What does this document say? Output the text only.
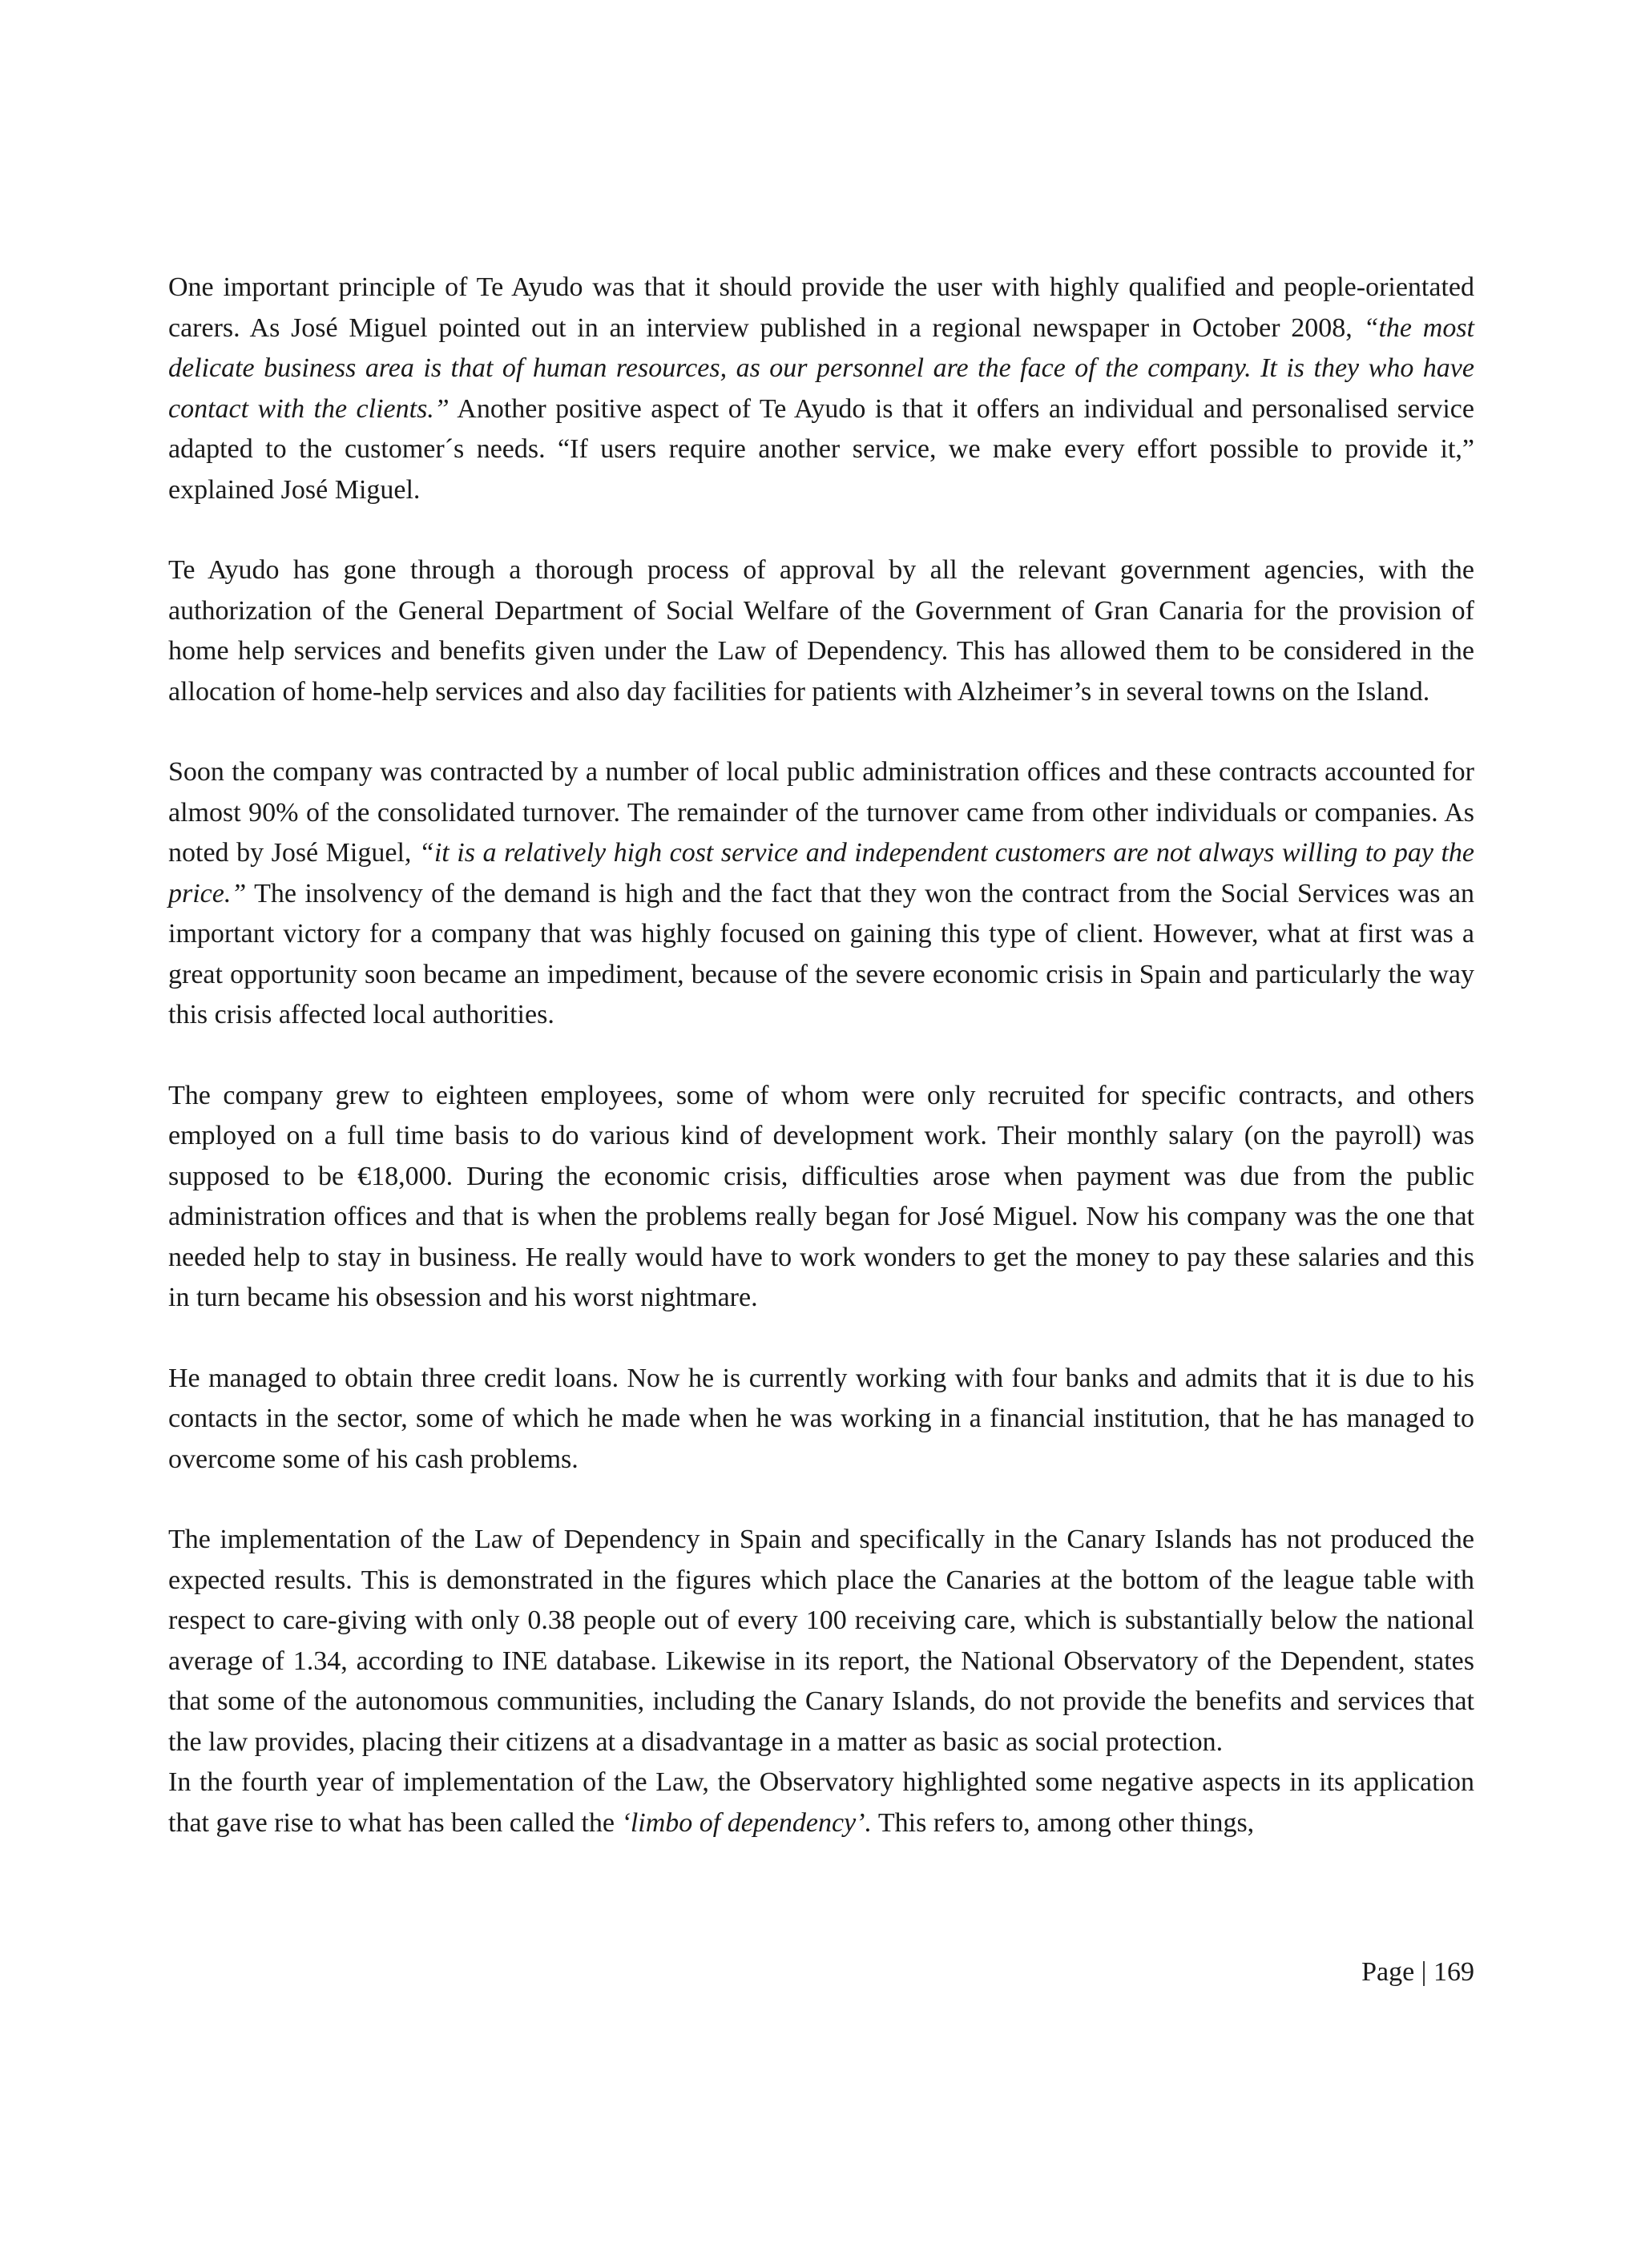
One important principle of Te Ayudo was that it should provide the user with highly qualified and people-orientated carers. As José Miguel pointed out in an interview published in a regional newspaper in October 2008, “the most delicate business area is that of human resources, as our personnel are the face of the company. It is they who have contact with the clients.” Another positive aspect of Te Ayudo is that it offers an individual and personalised service adapted to the customer´s needs. “If users require another service, we make every effort possible to provide it,” explained José Miguel.

Te Ayudo has gone through a thorough process of approval by all the relevant government agencies, with the authorization of the General Department of Social Welfare of the Government of Gran Canaria for the provision of home help services and benefits given under the Law of Dependency. This has allowed them to be considered in the allocation of home-help services and also day facilities for patients with Alzheimer’s in several towns on the Island.

Soon the company was contracted by a number of local public administration offices and these contracts accounted for almost 90% of the consolidated turnover. The remainder of the turnover came from other individuals or companies. As noted by José Miguel, “it is a relatively high cost service and independent customers are not always willing to pay the price.” The insolvency of the demand is high and the fact that they won the contract from the Social Services was an important victory for a company that was highly focused on gaining this type of client. However, what at first was a great opportunity soon became an impediment, because of the severe economic crisis in Spain and particularly the way this crisis affected local authorities.

The company grew to eighteen employees, some of whom were only recruited for specific contracts, and others employed on a full time basis to do various kind of development work. Their monthly salary (on the payroll) was supposed to be €18,000. During the economic crisis, difficulties arose when payment was due from the public administration offices and that is when the problems really began for José Miguel. Now his company was the one that needed help to stay in business. He really would have to work wonders to get the money to pay these salaries and this in turn became his obsession and his worst nightmare.

He managed to obtain three credit loans. Now he is currently working with four banks and admits that it is due to his contacts in the sector, some of which he made when he was working in a financial institution, that he has managed to overcome some of his cash problems.

The implementation of the Law of Dependency in Spain and specifically in the Canary Islands has not produced the expected results. This is demonstrated in the figures which place the Canaries at the bottom of the league table with respect to care-giving with only 0.38 people out of every 100 receiving care, which is substantially below the national average of 1.34, according to INE database. Likewise in its report, the National Observatory of the Dependent, states that some of the autonomous communities, including the Canary Islands, do not provide the benefits and services that the law provides, placing their citizens at a disadvantage in a matter as basic as social protection.

In the fourth year of implementation of the Law, the Observatory highlighted some negative aspects in its application that gave rise to what has been called the ‘limbo of dependency’. This refers to, among other things,

Page | 169
